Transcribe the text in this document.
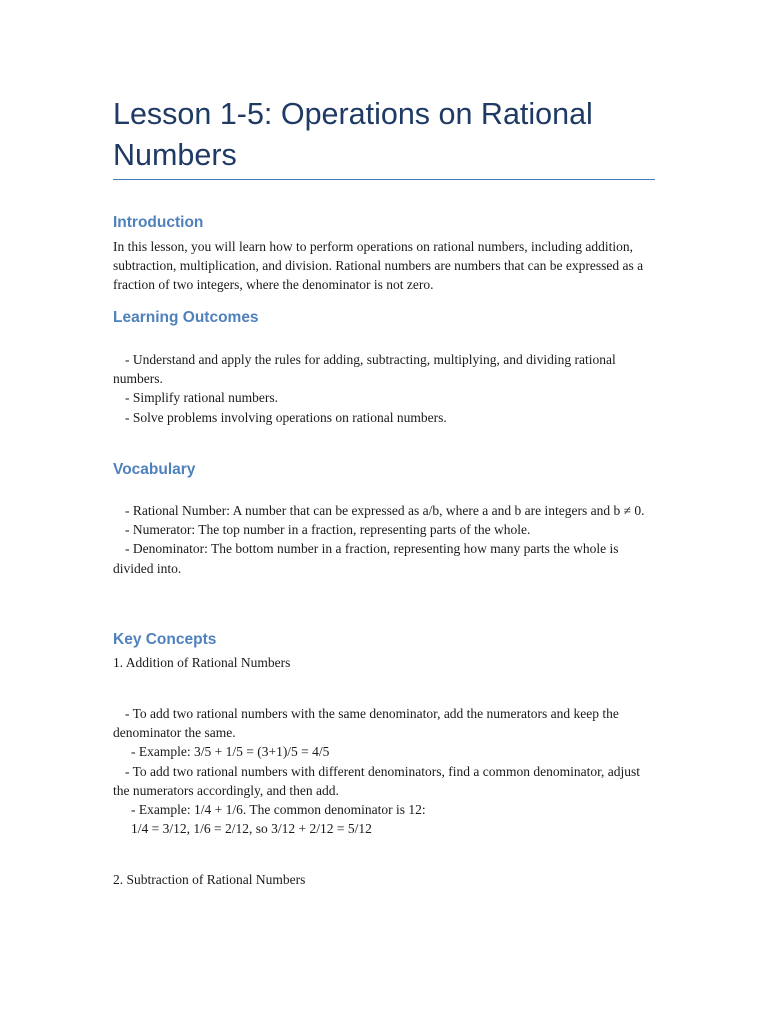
Lesson 1-5: Operations on Rational Numbers
Introduction

In this lesson, you will learn how to perform operations on rational numbers, including addition, subtraction, multiplication, and division. Rational numbers are numbers that can be expressed as a fraction of two integers, where the denominator is not zero.

Learning Outcomes
- Understand and apply the rules for adding, subtracting, multiplying, and dividing rational numbers.
- Simplify rational numbers.
- Solve problems involving operations on rational numbers.
Vocabulary
- Rational Number: A number that can be expressed as a/b, where a and b are integers and b ≠ 0.
- Numerator: The top number in a fraction, representing parts of the whole.
- Denominator: The bottom number in a fraction, representing how many parts the whole is divided into.
Key Concepts

1. Addition of Rational Numbers

- To add two rational numbers with the same denominator, add the numerators and keep the denominator the same.
- Example: 3/5 + 1/5 = (3+1)/5 = 4/5
- To add two rational numbers with different denominators, find a common denominator, adjust the numerators accordingly, and then add.
- Example: 1/4 + 1/6. The common denominator is 12:
1/4 = 3/12, 1/6 = 2/12, so 3/12 + 2/12 = 5/12

2. Subtraction of Rational Numbers
